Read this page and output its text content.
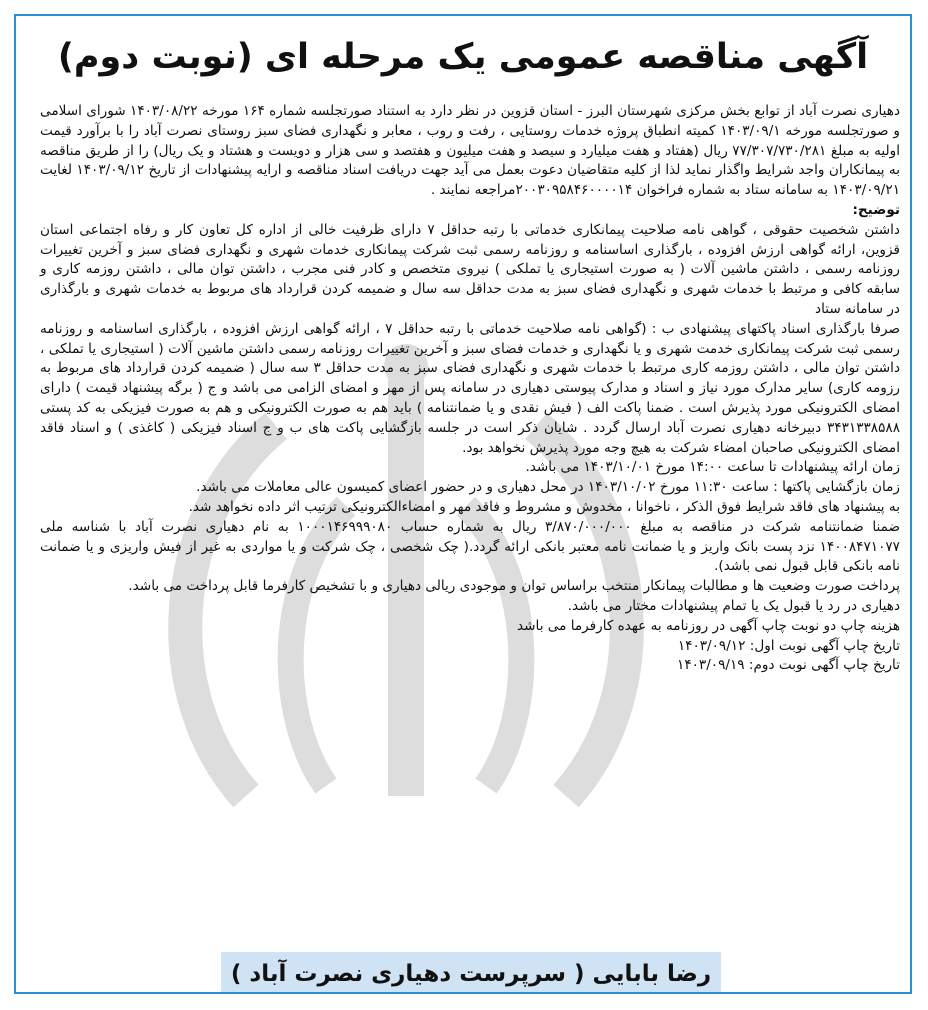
آگهی مناقصه عمومی یک مرحله ای (نوبت دوم)

دهیاری نصرت آباد از توابع بخش مرکزی شهرستان البرز - استان قزوین در نظر دارد به استناد صورتجلسه شماره ۱۶۴ مورخه ۱۴۰۳/۰۸/۲۲ شورای اسلامی و صورتجلسه مورخه ۱۴۰۳/۰۹/۱ کمیته انطباق پروژه خدمات روستایی ، رفت و روب ، معابر و نگهداری فضای سبز روستای نصرت آباد را با برآورد قیمت اولیه به مبلغ ۷۷/۳۰۷/۷۳۰/۲۸۱ ریال (هفتاد و هفت میلیارد و سیصد و هفت میلیون و هفتصد و سی هزار و دویست و هشتاد و یک ریال) را از طریق مناقصه به پیمانکاران واجد شرایط واگذار نماید لذا از کلیه متقاضیان دعوت بعمل می آید جهت دریافت اسناد مناقصه و ارایه پیشنهادات از تاریخ ۱۴۰۳/۰۹/۱۲ لغایت ۱۴۰۳/۰۹/۲۱ به سامانه ستاد به شماره فراخوان ۲۰۰۳۰۹۵۸۴۶۰۰۰۰۱۴مراجعه نمایند .

توضیح:

داشتن شخصیت حقوقی ، گواهی نامه صلاحیت پیمانکاری خدماتی با رتبه حداقل ۷ دارای ظرفیت خالی از اداره کل تعاون کار و رفاه اجتماعی استان قزوین، ارائه گواهی ارزش افزوده ، بارگذاری اساسنامه و روزنامه رسمی ثبت شرکت پیمانکاری خدمات شهری و نگهداری فضای سبز و آخرین تغییرات روزنامه رسمی ، داشتن ماشین آلات ( به صورت استیجاری یا تملکی ) نیروی متخصص و کادر فنی مجرب ، داشتن توان مالی ، داشتن روزمه کاری و سابقه کافی و مرتبط با خدمات شهری و نگهداری فضای سبز به مدت حداقل سه سال و ضمیمه کردن قرارداد های مربوط به خدمات شهری و بارگذاری در سامانه ستاد

صرفا بارگذاری اسناد پاکتهای پیشنهادی ب : (گواهی نامه صلاحیت خدماتی با رتبه حداقل ۷ ، ارائه گواهی ارزش افزوده ، بارگذاری اساسنامه و روزنامه رسمی ثبت شرکت پیمانکاری خدمت شهری و یا نگهداری و خدمات فضای سبز و آخرین تغییرات روزنامه رسمی داشتن ماشین آلات ( استیجاری یا تملکی ، داشتن توان مالی ، داشتن روزمه کاری مرتبط با خدمات شهری و نگهداری فضای سبز به مدت حداقل ۳ سه سال ( ضمیمه کردن قرارداد های مربوط به رزومه کاری) سایر مدارک مورد نیاز و اسناد و مدارک پیوستی دهیاری در سامانه پس از مهر و امضای الزامی می باشد و ج ( برگه پیشنهاد قیمت ) دارای امضای الکترونیکی مورد پذیرش است . ضمنا پاکت الف ( فیش نقدی و یا ضمانتنامه ) باید هم به صورت الکترونیکی و هم به صورت فیزیکی به کد پستی ۳۴۳۱۳۳۸۵۸۸ دبیرخانه دهیاری نصرت آباد ارسال گردد . شایان ذکر است در جلسه بازگشایی پاکت های ب و ج اسناد فیزیکی ( کاغذی ) و اسناد فاقد امضای الکترونیکی صاحبان امضاء شرکت به هیچ وجه مورد پذیرش نخواهد بود.

زمان ارائه پیشنهادات تا ساعت ۱۴:۰۰ مورخ ۱۴۰۳/۱۰/۰۱ می باشد.

زمان بازگشایی پاکتها : ساعت ۱۱:۳۰ مورخ ۱۴۰۳/۱۰/۰۲ در محل دهیاری و در حضور اعضای کمیسون عالی معاملات می باشد.

به پیشنهاد های فاقد شرایط فوق الذکر ، ناخوانا ، مخدوش و مشروط و فاقد مهر و امضاءالکترونیکی ترتیب اثر داده نخواهد شد.

ضمنا ضمانتنامه شرکت در مناقصه به مبلغ ۳/۸۷۰/۰۰۰/۰۰۰ ریال به شماره حساب ۱۰۰۰۱۴۶۹۹۹۰۸۰ به نام دهیاری نصرت آباد با شناسه ملی ۱۴۰۰۸۴۷۱۰۷۷ نزد پست بانک واریز و یا ضمانت نامه معتبر بانکی ارائه گردد.( چک شخصی ، چک شرکت و یا مواردی به غیر از فیش واریزی و یا ضمانت نامه بانکی قابل قبول نمی باشد).

پرداخت صورت وضعیت ها و مطالبات پیمانکار منتخب براساس توان و موجودی ریالی دهیاری و با تشخیص کارفرما قابل پرداخت می باشد.

دهیاری در رد یا قبول یک یا تمام پیشنهادات مختار می باشد.

هزینه چاپ دو نوبت چاپ آگهی در روزنامه به عهده کارفرما می باشد

تاریخ چاپ آگهی نوبت اول: ۱۴۰۳/۰۹/۱۲

تاریخ چاپ آگهی نوبت دوم: ۱۴۰۳/۰۹/۱۹

رضا بابایی ( سرپرست دهیاری نصرت آباد )
